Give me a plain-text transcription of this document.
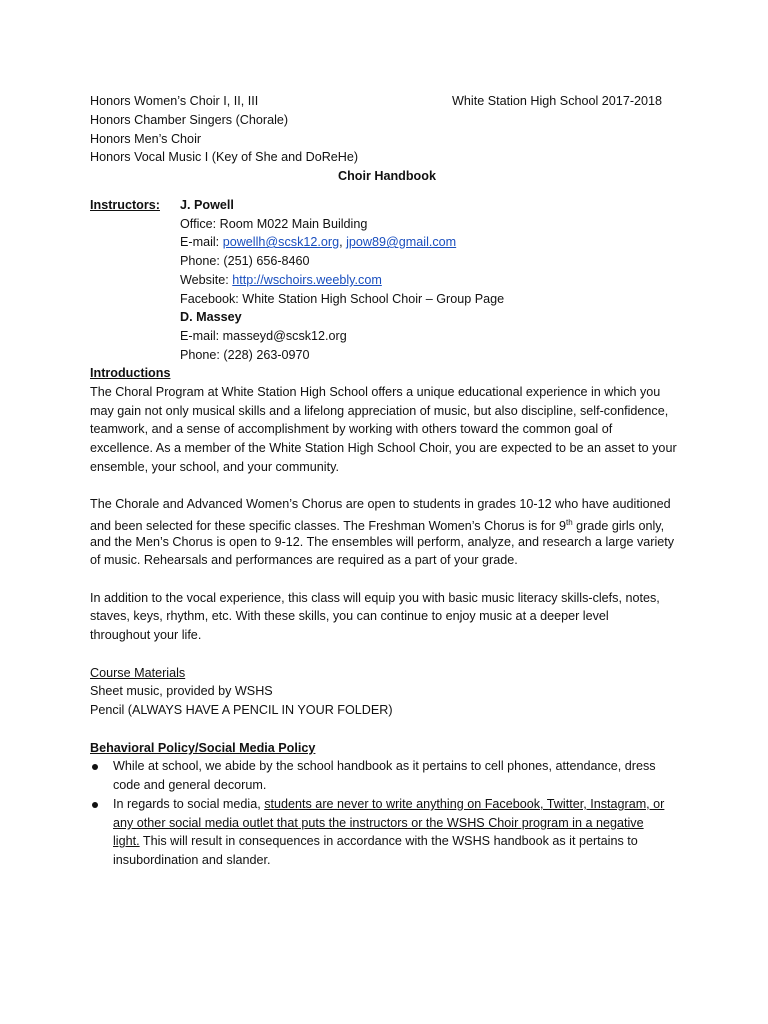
Honors Women’s Choir I, II, III	White Station High School 2017-2018
Honors Chamber Singers (Chorale)
Honors Men’s Choir
Honors Vocal Music I (Key of She and DoReHe)
Choir Handbook
Instructors: J. Powell
Office: Room M022 Main Building
E-mail: powellh@scsk12.org, jpow89@gmail.com
Phone: (251) 656-8460
Website: http://wschoirs.weebly.com
Facebook: White Station High School Choir – Group Page
D. Massey
E-mail: masseyd@scsk12.org
Phone: (228) 263-0970
Introductions
The Choral Program at White Station High School offers a unique educational experience in which you
may gain not only musical skills and a lifelong appreciation of music, but also discipline, self-confidence,
teamwork, and a sense of accomplishment by working with others toward the common goal of
excellence. As a member of the White Station High School Choir, you are expected to be an asset to your
ensemble, your school, and your community.
The Chorale and Advanced Women’s Chorus are open to students in grades 10-12 who have auditioned
and been selected for these specific classes. The Freshman Women’s Chorus is for 9th grade girls only,
and the Men’s Chorus is open to 9-12. The ensembles will perform, analyze, and research a large variety
of music. Rehearsals and performances are required as a part of your grade.
In addition to the vocal experience, this class will equip you with basic music literacy skills-clefs, notes,
staves, keys, rhythm, etc. With these skills, you can continue to enjoy music at a deeper level
throughout your life.
Course Materials
Sheet music, provided by WSHS
Pencil (ALWAYS HAVE A PENCIL IN YOUR FOLDER)
Behavioral Policy/Social Media Policy
While at school, we abide by the school handbook as it pertains to cell phones, attendance, dress
code and general decorum.
In regards to social media, students are never to write anything on Facebook, Twitter, Instagram, or
any other social media outlet that puts the instructors or the WSHS Choir program in a negative
light. This will result in consequences in accordance with the WSHS handbook as it pertains to
insubordination and slander.
